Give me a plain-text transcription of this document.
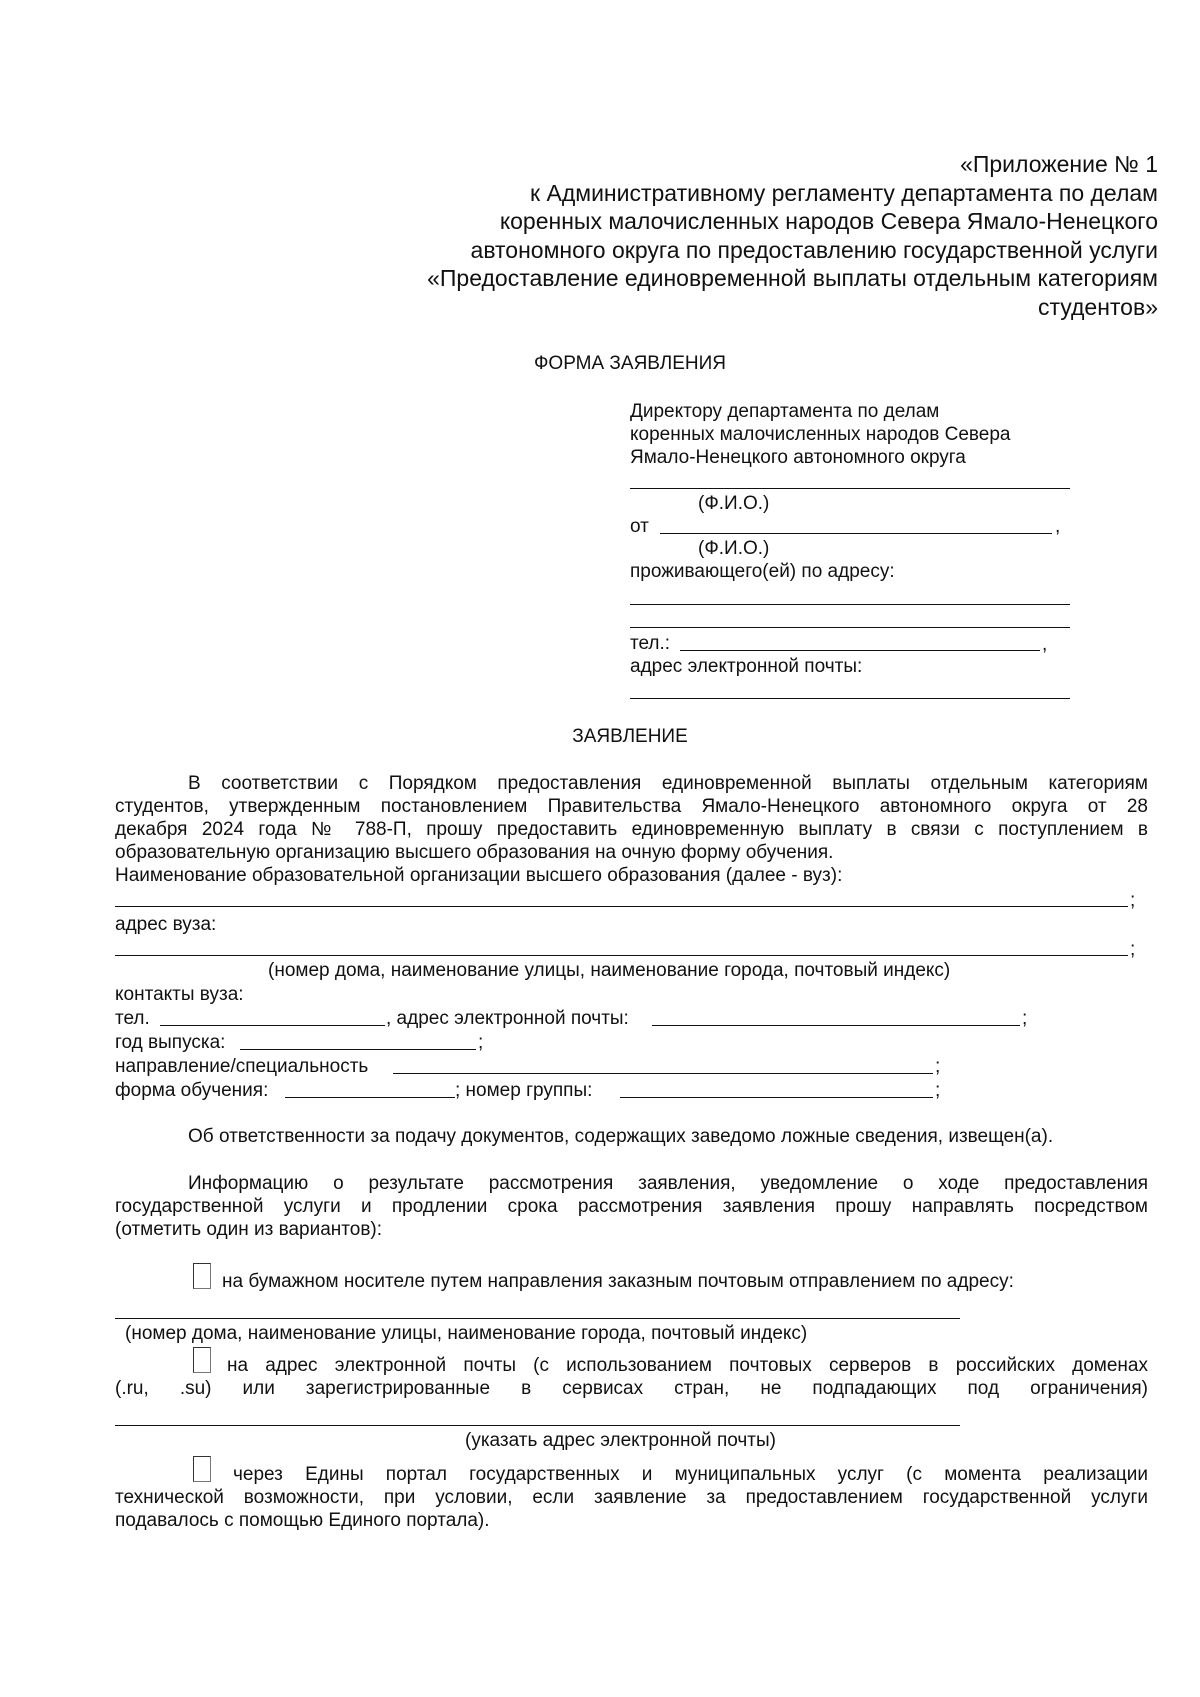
«Приложение № 1
к Административному регламенту департамента по делам
коренных малочисленных народов Севера Ямало-Ненецкого
автономного округа по предоставлению государственной услуги
«Предоставление единовременной выплаты отдельным категориям
студентов»
ФОРМА ЗАЯВЛЕНИЯ
Директору департамента по делам
коренных малочисленных народов Севера
Ямало-Ненецкого автономного округа
(Ф.И.О.)
от	,
(Ф.И.О.)
проживающего(ей) по адресу:
тел.:	,
адрес электронной почты:
ЗАЯВЛЕНИЕ
В соответствии с Порядком предоставления единовременной выплаты отдельным категориям
студентов, утвержденным постановлением Правительства Ямало-Ненецкого автономного округа от 28
декабря 2024 года № 788-П, прошу предоставить единовременную выплату в связи с поступлением в
образовательную организацию высшего образования на очную форму обучения.
Наименование образовательной организации высшего образования (далее - вуз):
;
адрес вуза:
;
(номер дома, наименование улицы, наименование города, почтовый индекс)
контакты вуза:
тел.	, адрес электронной почты:	;
год выпуска:	;
направление/специальность	;
форма обучения:	; номер группы:	;
Об ответственности за подачу документов, содержащих заведомо ложные сведения, извещен(а).
Информацию о результате рассмотрения заявления, уведомление о ходе предоставления
государственной услуги и продлении срока рассмотрения заявления прошу направлять посредством
(отметить один из вариантов):
на бумажном носителе путем направления заказным почтовым отправлением по адресу:
(номер дома, наименование улицы, наименование города, почтовый индекс)
на адрес электронной почты (с использованием почтовых серверов в российских доменах
(.ru, .su) или зарегистрированные в сервисах стран, не подпадающих под ограничения)
(указать адрес электронной почты)
через Едины портал государственных и муниципальных услуг (с момента реализации
технической возможности, при условии, если заявление за предоставлением государственной услуги
подавалось с помощью Единого портала).
